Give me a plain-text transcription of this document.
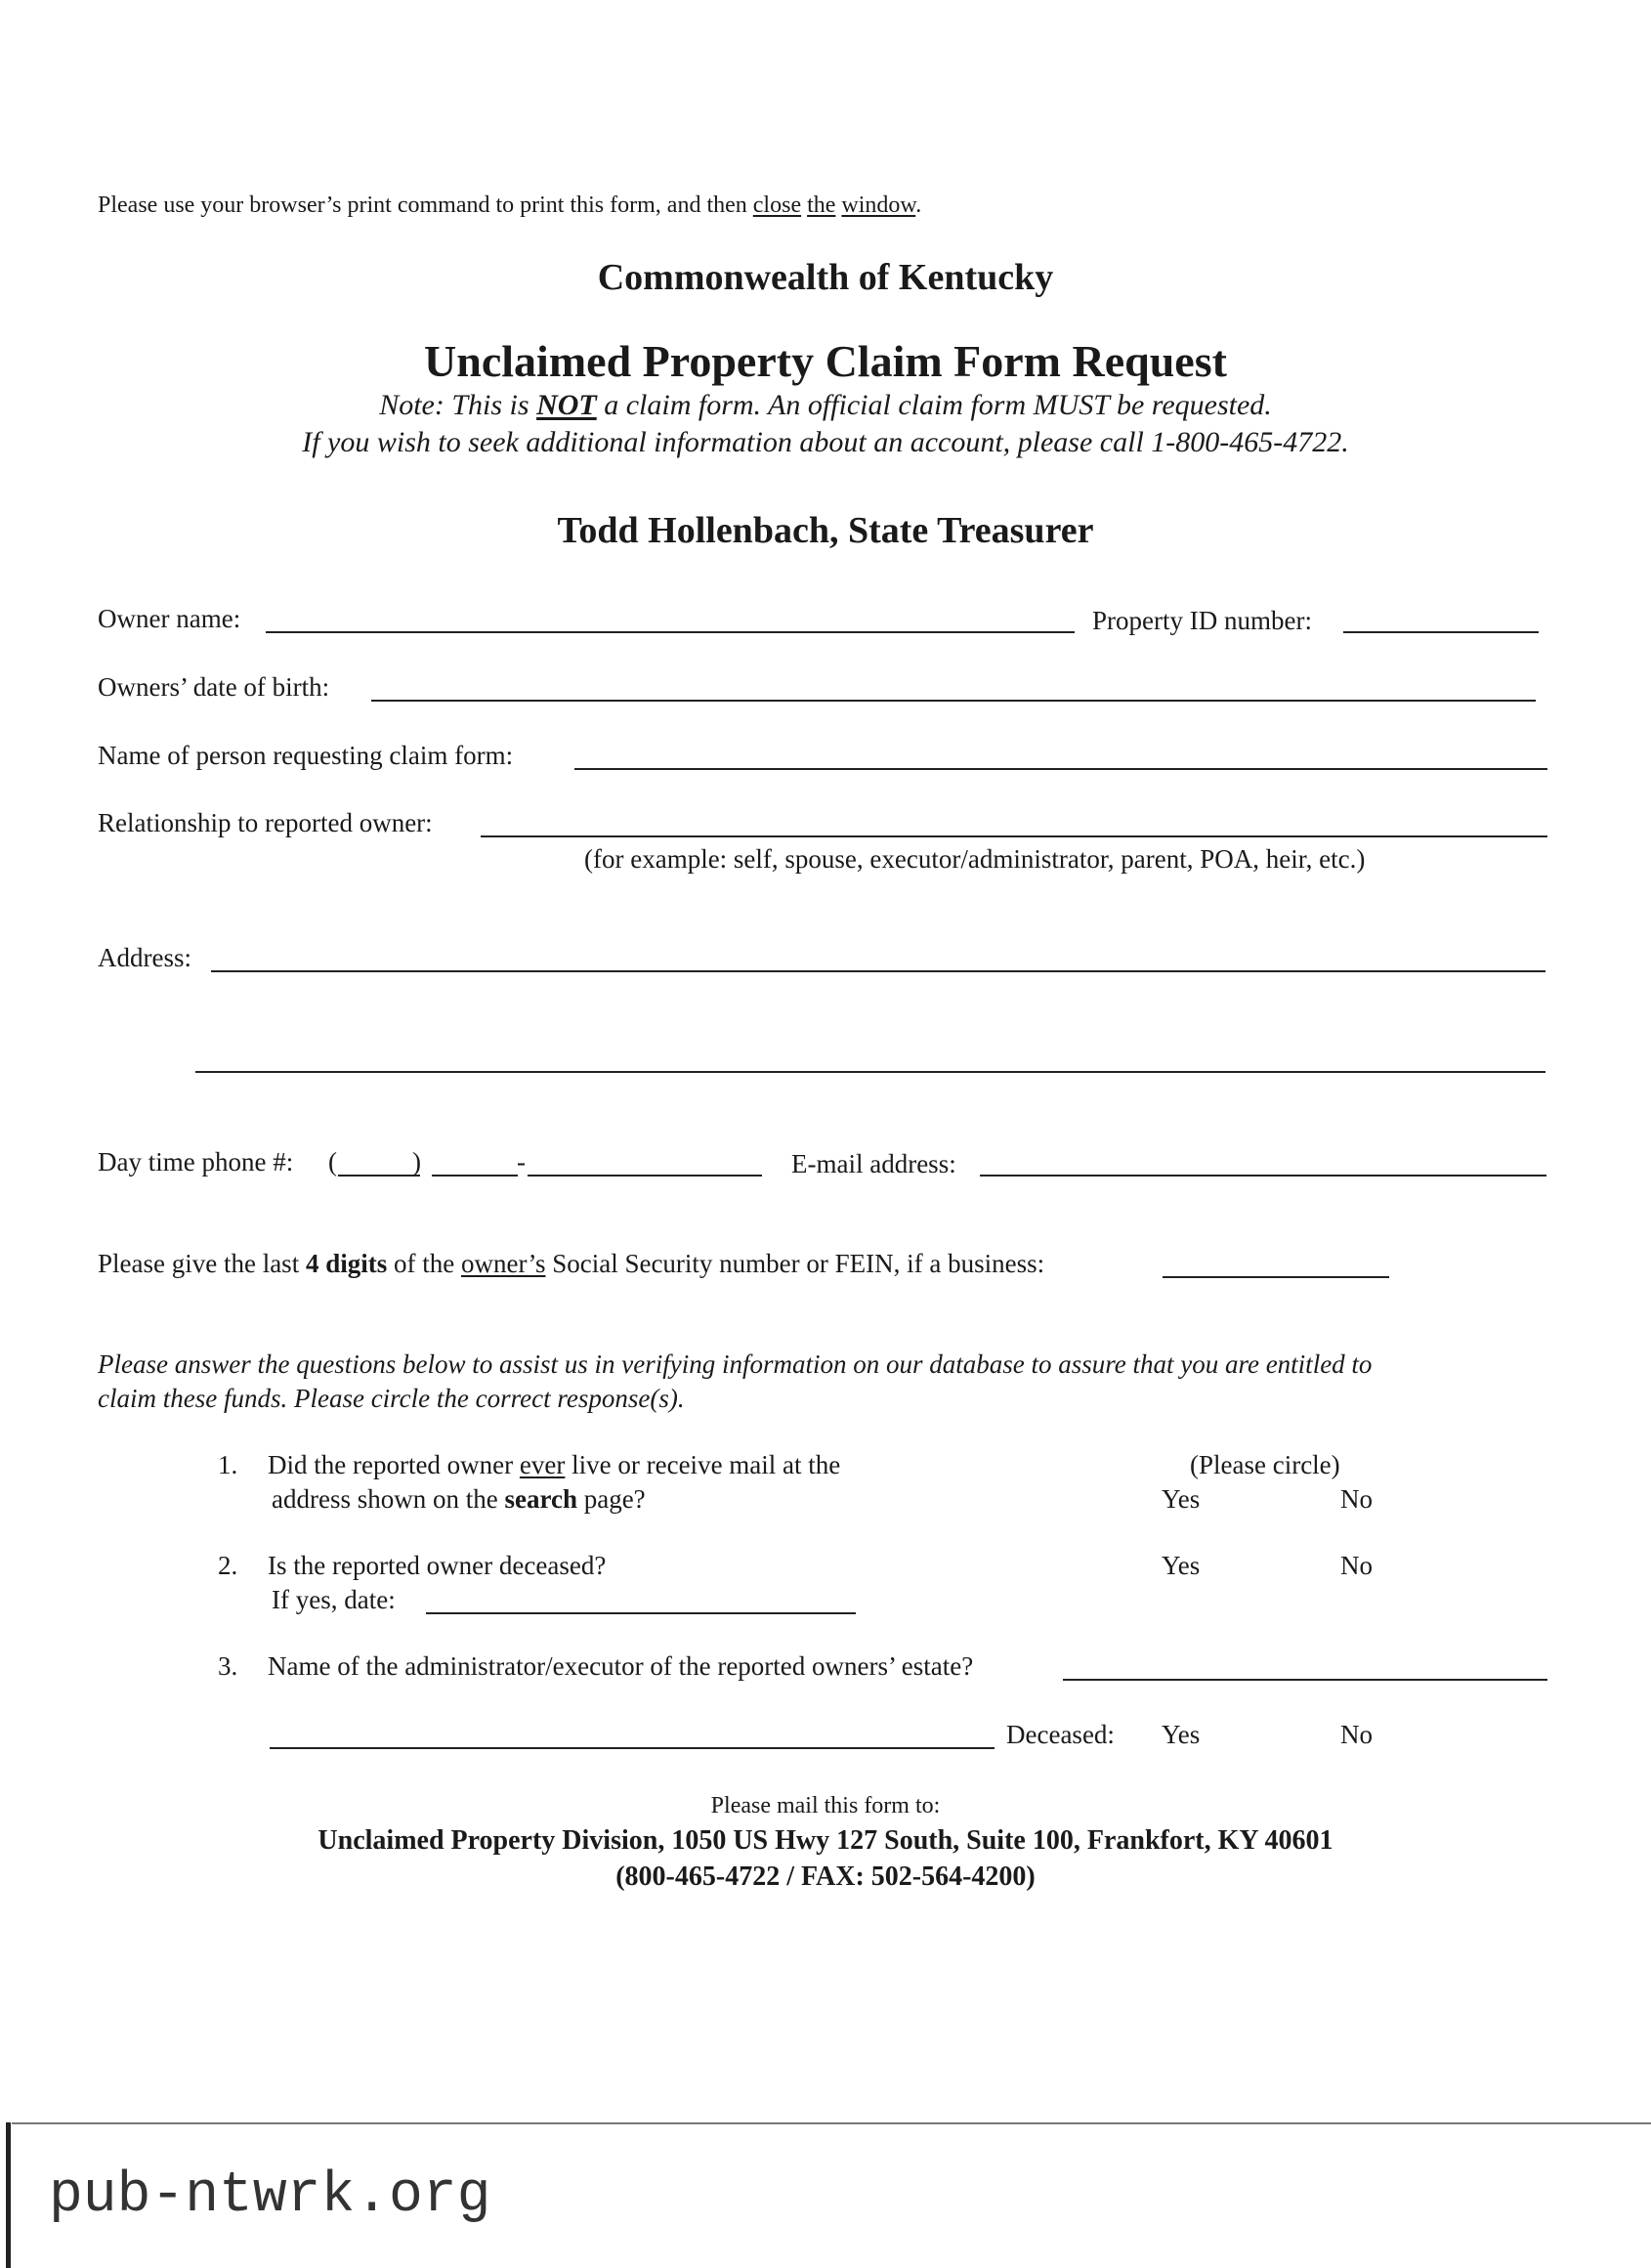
Please use your browser’s print command to print this form, and then close the window.
Commonwealth of Kentucky
Unclaimed Property Claim Form Request
Note: This is NOT a claim form. An official claim form MUST be requested.
If you wish to seek additional information about an account, please call 1-800-465-4722.
Todd Hollenbach, State Treasurer
Owner name:	Property ID number:
Owners’ date of birth:
Name of person requesting claim form:
Relationship to reported owner:
(for example: self, spouse, executor/administrator, parent, POA, heir, etc.)
Address:
Day time phone #: (	)	-	E-mail address:
Please give the last 4 digits of the owner’s Social Security number or FEIN, if a business:
Please answer the questions below to assist us in verifying information on our database to assure that you are entitled to
claim these funds. Please circle the correct response(s).
1. Did the reported owner ever live or receive mail at the
address shown on the search page?
(Please circle)
Yes	No
2. Is the reported owner deceased?	Yes	No
If yes, date:
3. Name of the administrator/executor of the reported owners’ estate?
Deceased: Yes	No
Please mail this form to:
Unclaimed Property Division, 1050 US Hwy 127 South, Suite 100, Frankfort, KY 40601
(800-465-4722 / FAX: 502-564-4200)
pub-ntwrk.org
